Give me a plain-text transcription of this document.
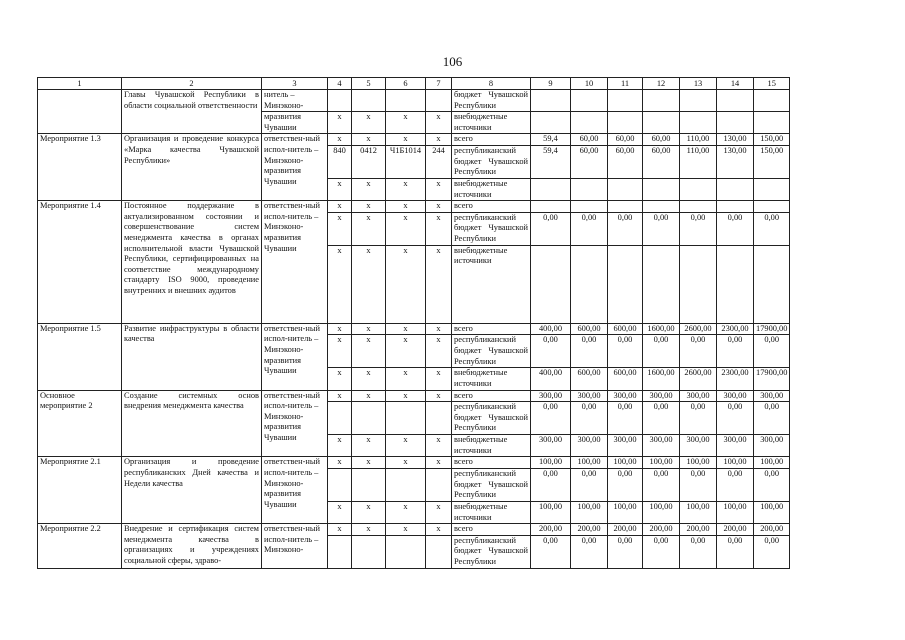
106
1	2	3	4	5	6	7	8	9	10	11	12	13	14	15
	Главы Чувашской Республики в области социальной ответственности	нитель – Минэконо-					бюджет Чувашской Республики							
		мразвития Чувашии	x	x	x	x	внебюджетные источники							
Мероприятие 1.3	Организация и проведение конкурса «Марка качества Чувашской Республики»	ответствен-ный испол-нитель – Минэконо-мразвития Чувашии	x	x	x	x	всего	59,4	60,00	60,00	60,00	110,00	130,00	150,00
			840	0412	Ч1Б1014	244	республиканский бюджет Чувашской Республики	59,4	60,00	60,00	60,00	110,00	130,00	150,00
			x	x	x	x	внебюджетные источники							
Мероприятие 1.4	Постоянное поддержание в актуализированном состоянии и совершенствование систем менеджмента качества в органах исполнительной власти Чувашской Республики, сертифицированных на соответствие международному стандарту ISO 9000, проведение внутренних и внешних аудитов	ответствен-ный испол-нитель – Минэконо-мразвития Чувашии	x	x	x	x	всего							
			x	x	x	x	республиканский бюджет Чувашской Республики	0,00	0,00	0,00	0,00	0,00	0,00	0,00
			x	x	x	x	внебюджетные источники							
Мероприятие 1.5	Развитие инфраструктуры в области качества	ответствен-ный испол-нитель – Минэконо-мразвития Чувашии	x	x	x	x	всего	400,00	600,00	600,00	1600,00	2600,00	2300,00	17900,00
			x	x	x	x	республиканский бюджет Чувашской Республики	0,00	0,00	0,00	0,00	0,00	0,00	0,00
			x	x	x	x	внебюджетные источники	400,00	600,00	600,00	1600,00	2600,00	2300,00	17900,00
Основное мероприятие 2	Создание системных основ внедрения менеджмента качества	ответствен-ный испол-нитель – Минэконо-мразвития Чувашии	x	x	x	x	всего	300,00	300,00	300,00	300,00	300,00	300,00	300,00
							республиканский бюджет Чувашской Республики	0,00	0,00	0,00	0,00	0,00	0,00	0,00
			x	x	x	x	внебюджетные источники	300,00	300,00	300,00	300,00	300,00	300,00	300,00
Мероприятие 2.1	Организация и проведение республиканских Дней качества и Недели качества	ответствен-ный испол-нитель – Минэконо-мразвития Чувашии	x	x	x	x	всего	100,00	100,00	100,00	100,00	100,00	100,00	100,00
							республиканский бюджет Чувашской Республики	0,00	0,00	0,00	0,00	0,00	0,00	0,00
			x	x	x	x	внебюджетные источники	100,00	100,00	100,00	100,00	100,00	100,00	100,00
Мероприятие 2.2	Внедрение и сертификация систем менеджмента качества в организациях и учреждениях социальной сферы, здраво-	ответствен-ный испол-нитель – Минэконо-	x	x	x	x	всего	200,00	200,00	200,00	200,00	200,00	200,00	200,00
							республиканский бюджет Чувашской Республики	0,00	0,00	0,00	0,00	0,00	0,00	0,00
